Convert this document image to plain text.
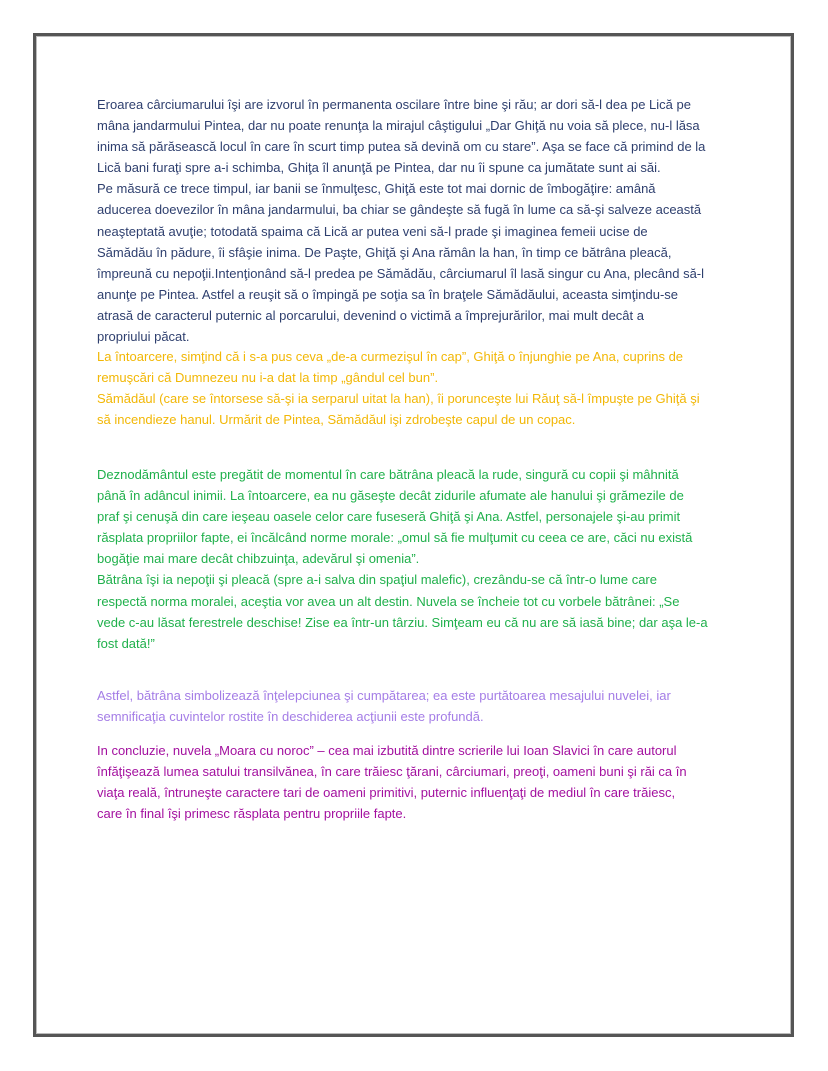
Eroarea cârciumarului îşi are izvorul în permanenta oscilare între bine şi rău; ar dori să-l dea pe Lică pe
mâna jandarmului Pintea, dar nu poate renunţa la mirajul câştigului „Dar Ghiţă nu voia să plece, nu-l lăsa
inima să părăsească locul în care în scurt timp putea să devină om cu stare”. Aşa se face că primind de la
Lică bani furaţi spre a-i schimba, Ghiţa îl anunţă pe Pintea, dar nu îi spune ca jumătate sunt ai săi.
Pe măsură ce trece timpul, iar banii se înmulţesc, Ghiţă este tot mai dornic de îmbogăţire: amână
aducerea doevezilor în mâna jandarmului, ba chiar se gândeşte să fugă în lume ca să-şi salveze această
neaşteptată avuţie; totodată spaima că Lică ar putea veni să-l prade şi imaginea femeii ucise de
Sămădău în pădure, îi sfâşie inima. De Paşte, Ghiţă şi Ana rămân la han, în timp ce bătrâna pleacă,
împreună cu nepoţii.Intenţionând să-l predea pe Sămădău, cârciumarul îl lasă singur cu Ana, plecând să-l
anunţe pe Pintea. Astfel a reuşit să o împingă pe soţia sa în braţele Sămădăului, aceasta simţindu-se
atrasă de caracterul puternic al porcarului, devenind o victimă a împrejurărilor, mai mult decât a
propriului păcat.
La întoarcere, simţind că i s-a pus ceva „de-a curmezişul în cap”, Ghiţă o înjunghie pe Ana, cuprins de
remuşcări că Dumnezeu nu i-a dat la timp „gândul cel bun”.
Sămădăul (care se întorsese să-şi ia serparul uitat la han), îi porunceşte lui Răuţ să-l împuşte pe Ghiţă şi
să incendieze hanul. Urmărit de Pintea, Sămădăul işi zdrobeşte capul de un copac.
Deznodământul este pregătit de momentul în care bătrâna pleacă la rude, singură cu copii şi mâhnită
până în adâncul inimii. La întoarcere, ea nu găseşte decât zidurile afumate ale hanului şi grămezile de
praf şi cenuşă din care ieşeau oasele celor care fuseseră Ghiţă şi Ana. Astfel, personajele şi-au primit
răsplata propriilor fapte, ei încălcând norme morale: „omul să fie mulţumit cu ceea ce are, căci nu există
bogăţie mai mare decât chibzuinţa, adevărul şi omenia”.
Bătrâna îşi ia nepoţii şi pleacă (spre a-i salva din spaţiul malefic), crezându-se că într-o lume care
respectă norma moralei, aceştia vor avea un alt destin. Nuvela se încheie tot cu vorbele bătrânei: „Se
vede c-au lăsat ferestrele deschise! Zise ea într-un târziu. Simţeam eu că nu are să iasă bine; dar aşa le-a
fost dată!”
Astfel, bătrâna simbolizează înţelepciunea şi cumpătarea; ea este purtătoarea mesajului nuvelei, iar
semnificaţia cuvintelor rostite în deschiderea acţiunii este profundă.
In concluzie, nuvela „Moara cu noroc” – cea mai izbutită dintre scrierile lui Ioan Slavici în care autorul
înfăţişează lumea satului transilvănea, în care trăiesc ţărani, cârciumari, preoţi, oameni buni şi răi ca în
viaţa reală, întruneşte caractere tari de oameni primitivi, puternic influenţaţi de mediul în care trăiesc,
care în final îşi primesc răsplata pentru propriile fapte.
